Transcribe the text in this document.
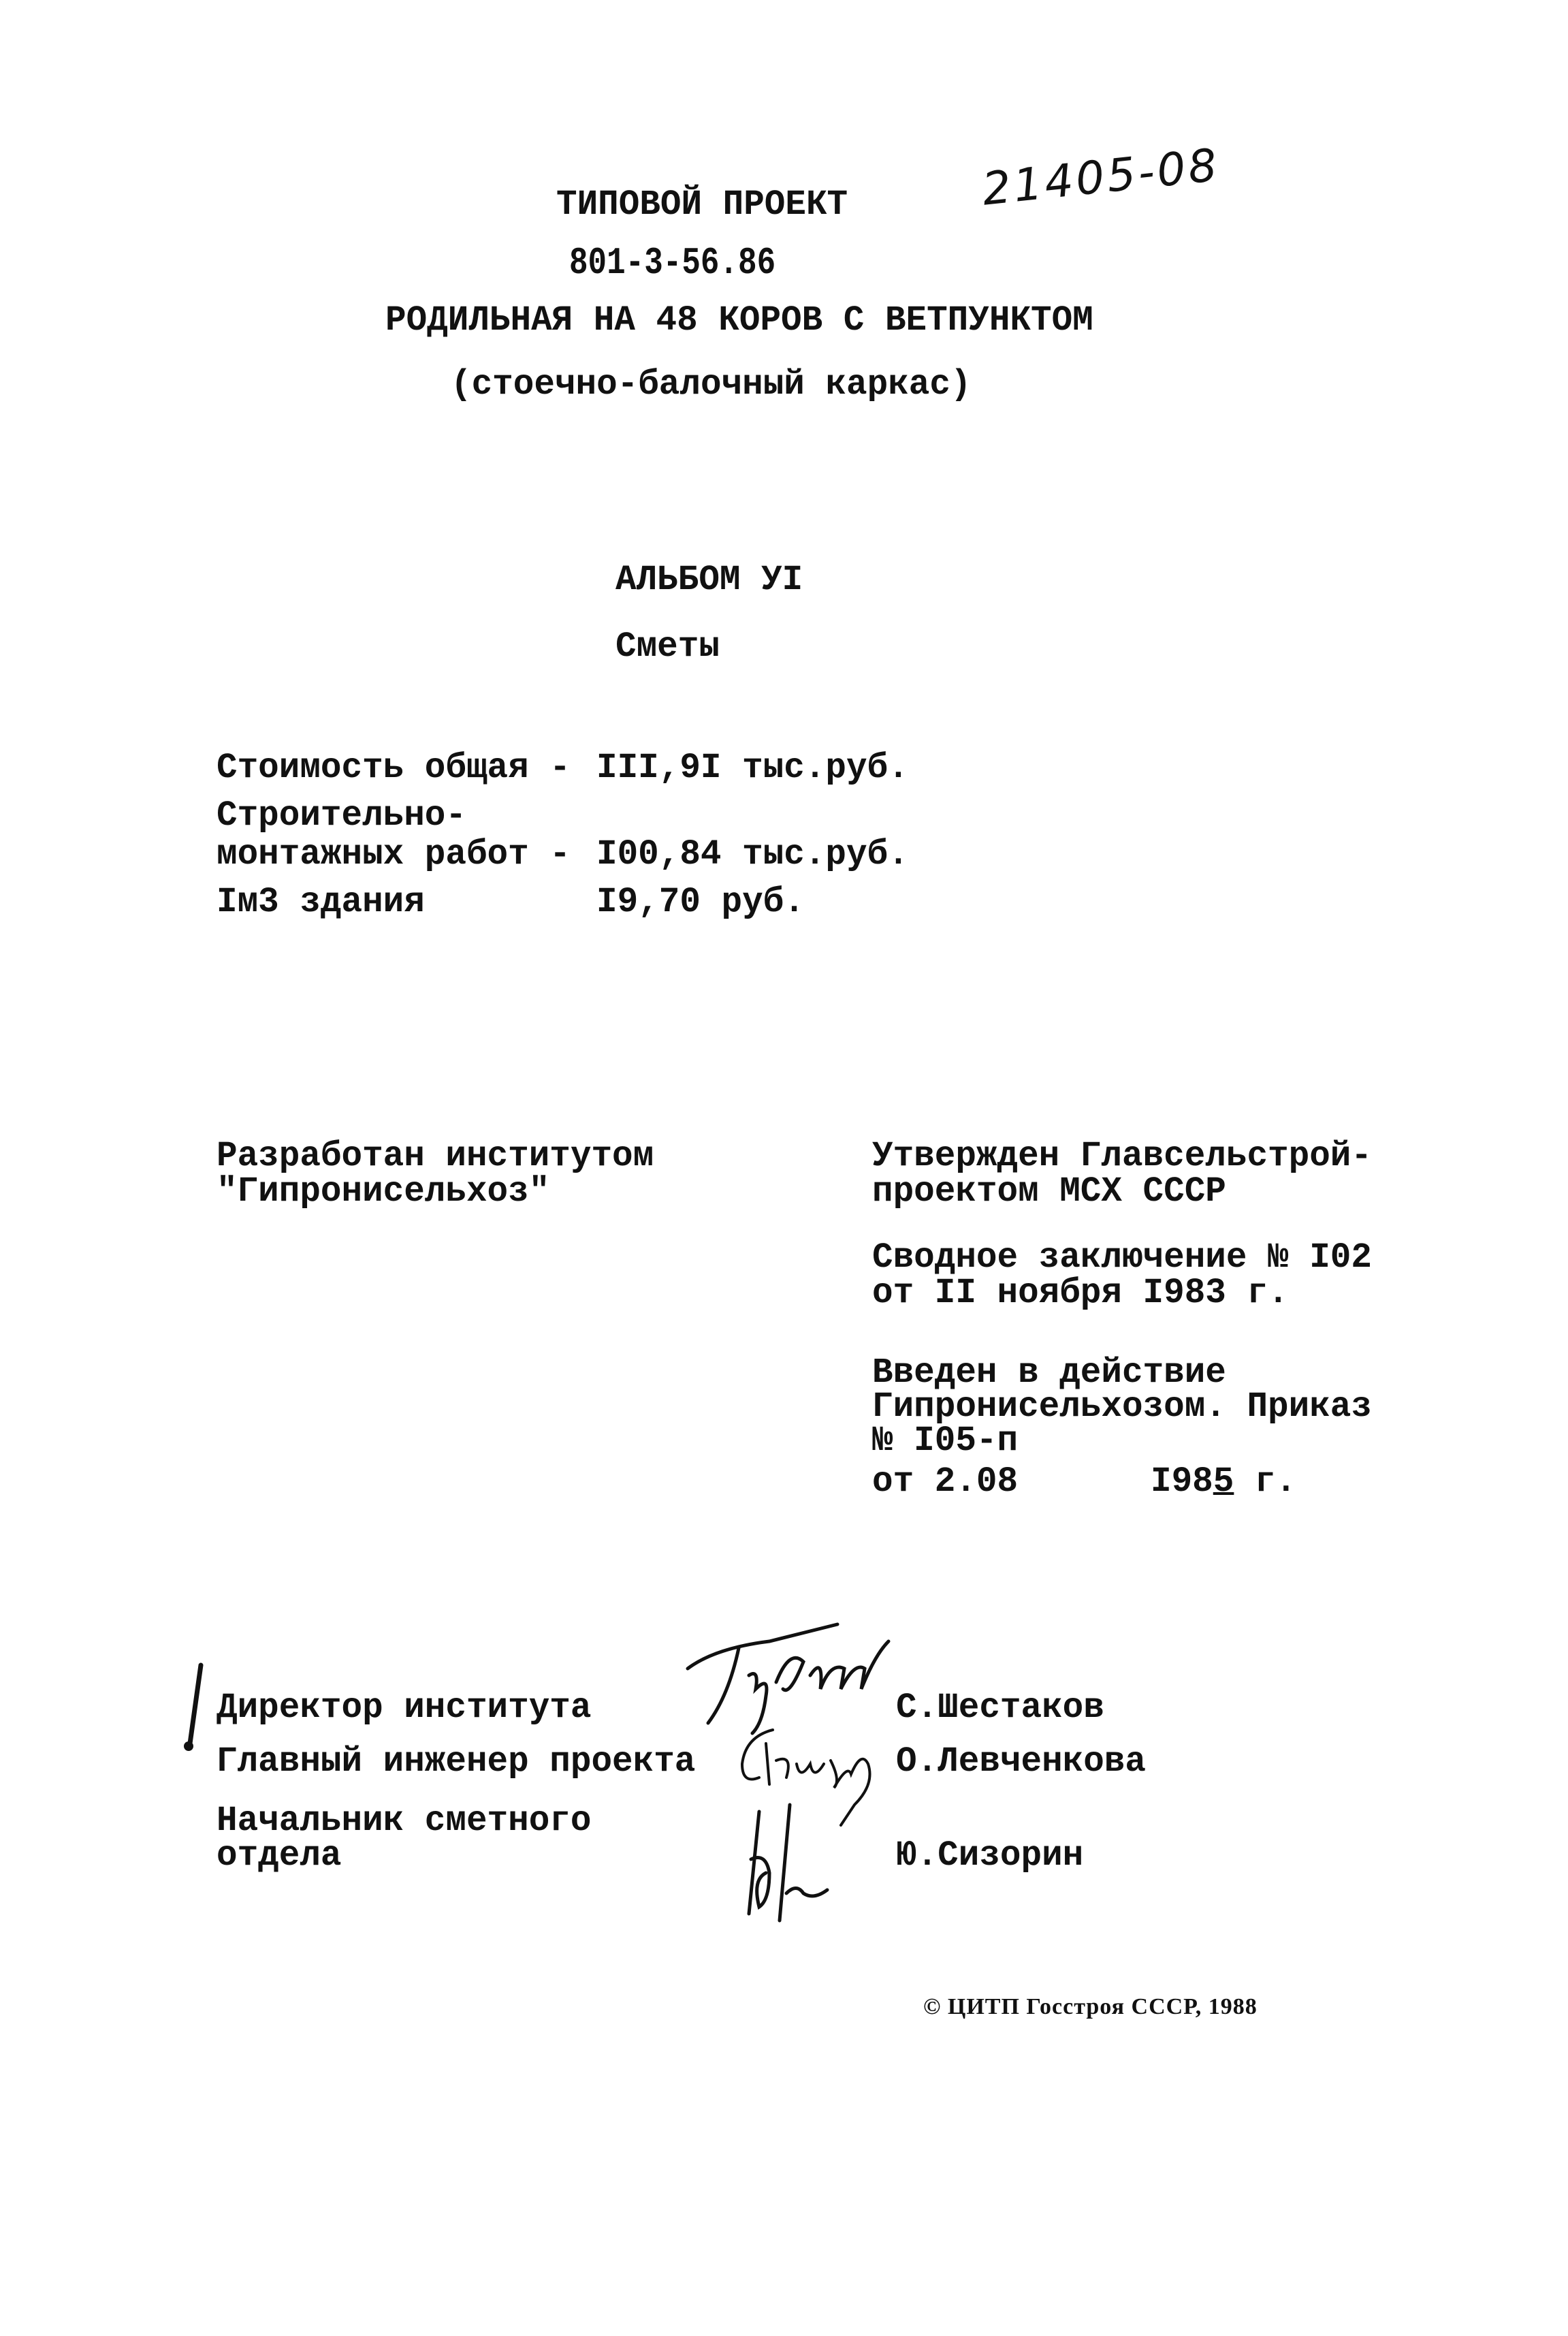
21405-08
ТИПОВОЙ ПРОЕКТ
801-3-56.86
РОДИЛЬНАЯ НА 48 КОРОВ С ВЕТПУНКТОМ
(стоечно-балочный каркас)
АЛЬБОМ УI
Сметы
Стоимость общая - III,9I тыс.руб.
Строительно-
монтажных работ - I00,84 тыс.руб.
Iм3 здания	I9,70 руб.
Разработан институтом
"Гипронисельхоз"
Утвержден Главсельстрой-
проектом МСХ СССР
Сводное заключение № I02
от II ноября I983 г.
Введен в действие
Гипронисельхозом. Приказ
№ I05-п
от 2.08	I985 г.
Директор института
Главный инженер проекта
Начальник сметного
отдела
С.Шестаков
О.Левченкова
Ю.Сизорин
© ЦИТП Госстроя СССР, 1988
